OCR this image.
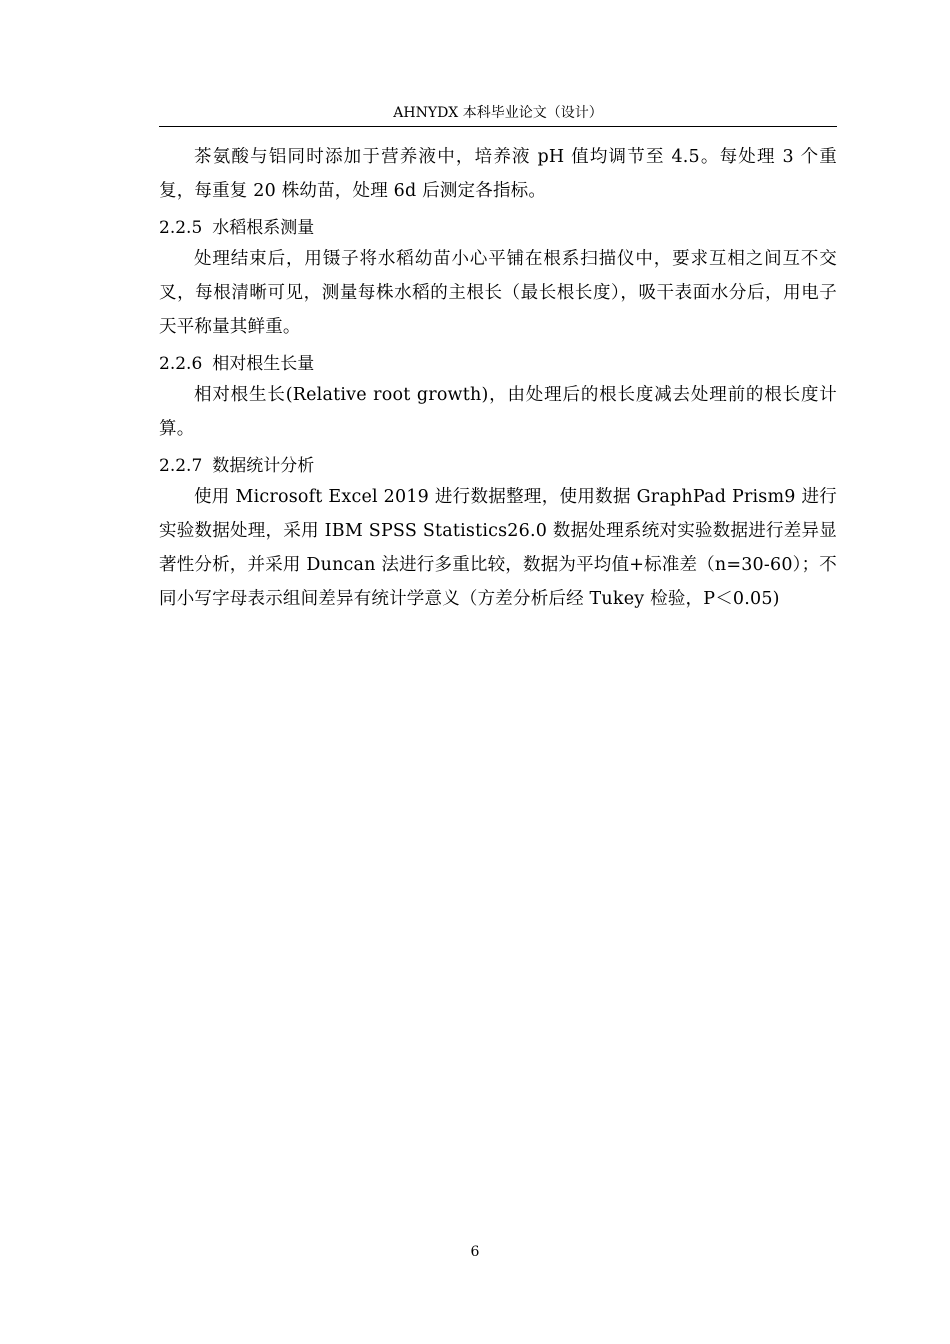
AHNYDX 本科毕业论文（设计）

茶氨酸与铝同时添加于营养液中，培养液 pH 值均调节至 4.5。每处理 3 个重复，每重复 20 株幼苗，处理 6d 后测定各指标。

2.2.5 水稻根系测量

处理结束后，用镊子将水稻幼苗小心平铺在根系扫描仪中，要求互相之间互不交叉，每根清晰可见，测量每株水稻的主根长（最长根长度），吸干表面水分后，用电子天平称量其鲜重。

2.2.6 相对根生长量

相对根生长(Relative root growth)，由处理后的根长度减去处理前的根长度计算。

2.2.7 数据统计分析

使用 Microsoft Excel 2019 进行数据整理，使用数据 GraphPad Prism9 进行实验数据处理，采用 IBM SPSS Statistics26.0 数据处理系统对实验数据进行差异显著性分析，并采用 Duncan 法进行多重比较，数据为平均值+标准差（n=30-60）；不同小写字母表示组间差异有统计学意义（方差分析后经 Tukey 检验，P＜0.05)

6
